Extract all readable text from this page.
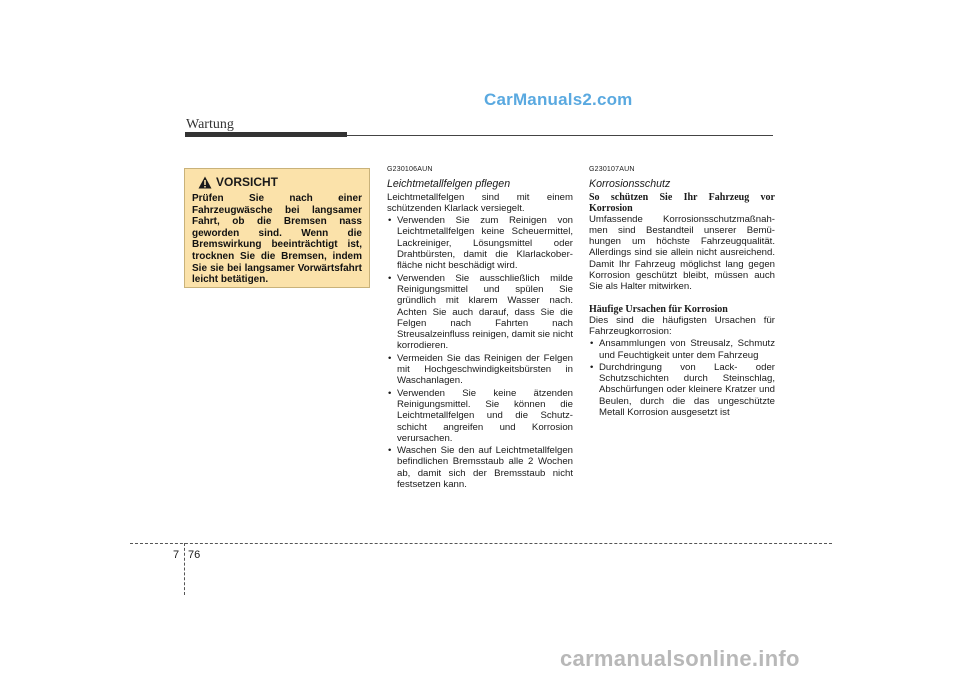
CarManuals2.com
Wartung
VORSICHT
Prüfen Sie nach einer Fahrzeugwäsche bei langsamer Fahrt, ob die Bremsen nass geworden sind. Wenn die Bremswirkung beeinträchtigt ist, trocknen Sie die Bremsen, indem Sie sie bei langsamer Vorwärtsfahrt leicht betätigen.
G230106AUN
Leichtmetallfelgen pflegen

Leichtmetallfelgen sind mit einem schützenden Klarlack versiegelt.

• Verwenden Sie zum Reinigen von Leichtmetallfelgen keine Scheuermittel, Lackreiniger, Lösungsmittel oder Drahtbürsten, damit die Klarlackober-fläche nicht beschädigt wird.
• Verwenden Sie ausschließlich milde Reinigungsmittel und spülen Sie gründlich mit klarem Wasser nach. Achten Sie auch darauf, dass Sie die Felgen nach Fahrten nach Streusalzeinfluss reinigen, damit sie nicht korrodieren.
• Vermeiden Sie das Reinigen der Felgen mit Hochgeschwindigkeitsbürsten in Waschanlagen.
• Verwenden Sie keine ätzenden Reinigungsmittel. Sie können die Leichtmetallfelgen und die Schutz-schicht angreifen und Korrosion verursachen.
• Waschen Sie den auf Leichtmetallfelgen befindlichen Bremsstaub alle 2 Wochen ab, damit sich der Bremsstaub nicht festsetzen kann.
G230107AUN
Korrosionsschutz
So schützen Sie Ihr Fahrzeug vor Korrosion

Umfassende Korrosionsschutzmaßnah-men sind Bestandteil unserer Bemü-hungen um höchste Fahrzeugqualität. Allerdings sind sie allein nicht ausreichend. Damit Ihr Fahrzeug möglichst lang gegen Korrosion geschützt bleibt, müssen auch Sie als Halter mitwirken.

Häufige Ursachen für Korrosion

Dies sind die häufigsten Ursachen für Fahrzeugkorrosion:

• Ansammlungen von Streusalz, Schmutz und Feuchtigkeit unter dem Fahrzeug
• Durchdringung von Lack- oder Schutzschichten durch Steinschlag, Abschürfungen oder kleinere Kratzer und Beulen, durch die das ungeschützte Metall Korrosion ausgesetzt ist
7 76
carmanualsonline.info
